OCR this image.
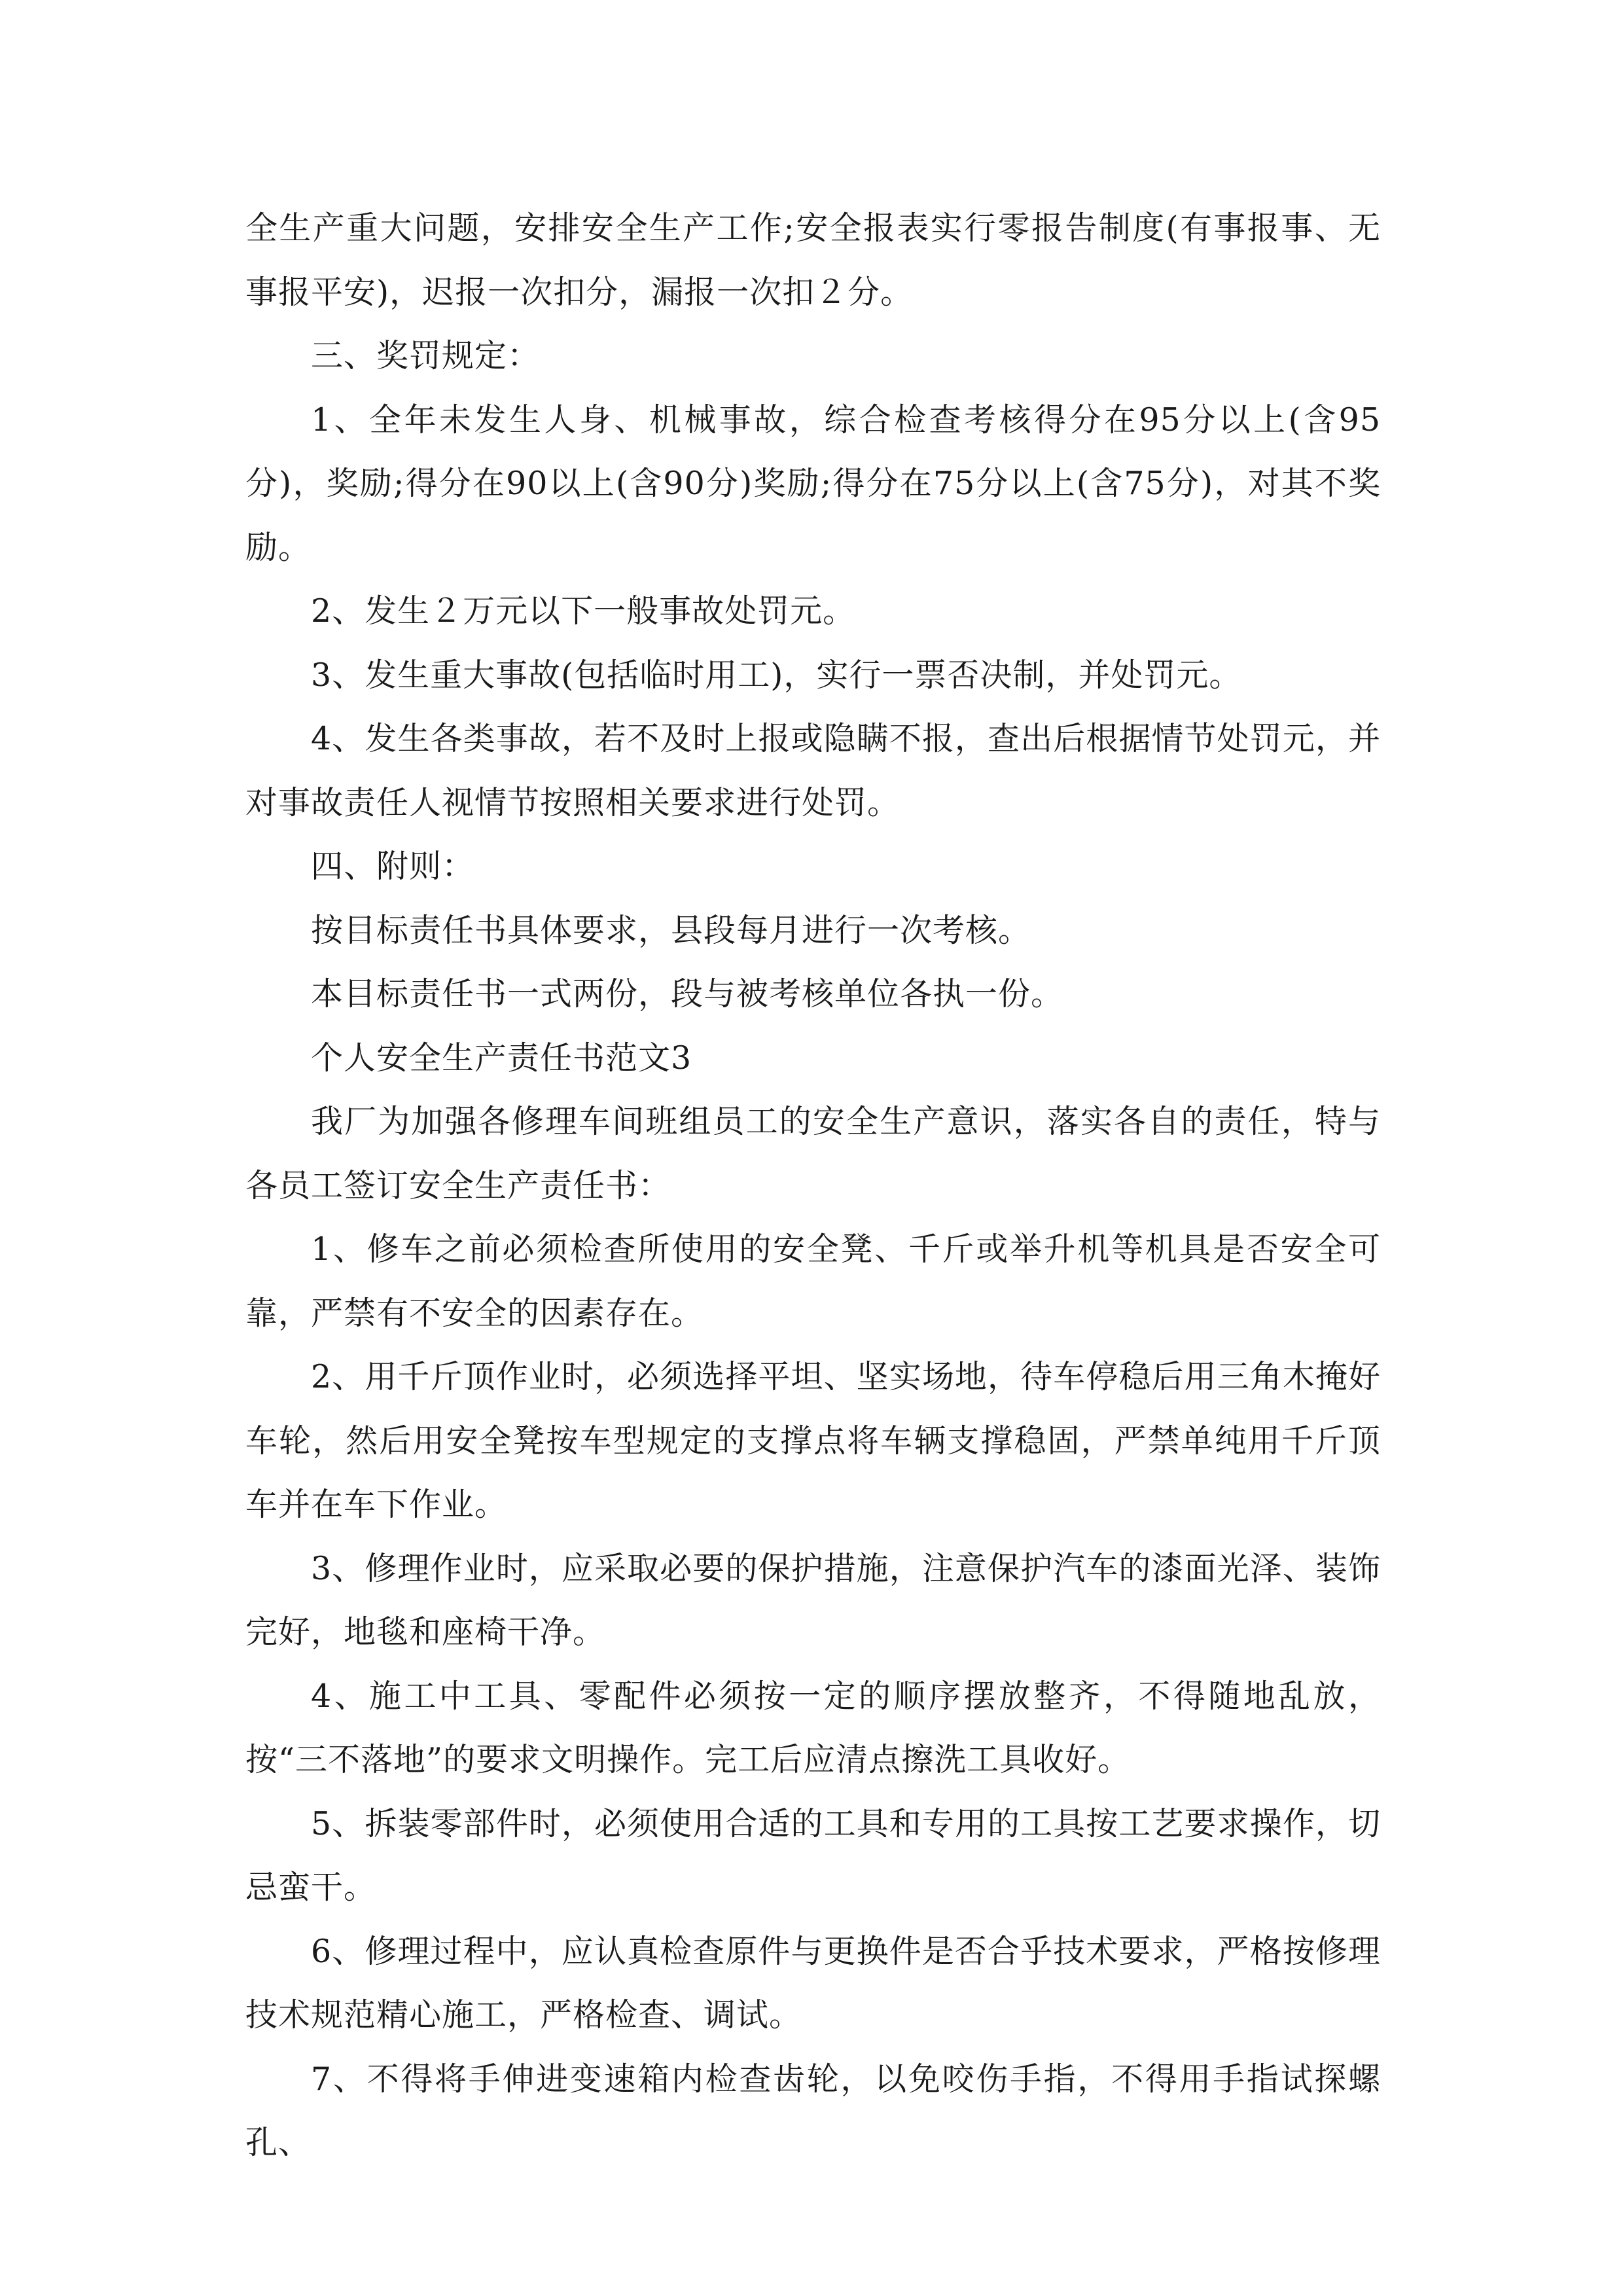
全生产重大问题，安排安全生产工作;安全报表实行零报告制度(有事报事、无事报平安)，迟报一次扣分，漏报一次扣２分。

三、奖罚规定：

1、全年未发生人身、机械事故，综合检查考核得分在95分以上(含95分)，奖励;得分在90以上(含90分)奖励;得分在75分以上(含75分)，对其不奖励。

2、发生２万元以下一般事故处罚元。

3、发生重大事故(包括临时用工)，实行一票否决制，并处罚元。

4、发生各类事故，若不及时上报或隐瞒不报，查出后根据情节处罚元，并对事故责任人视情节按照相关要求进行处罚。

四、附则：

按目标责任书具体要求，县段每月进行一次考核。

本目标责任书一式两份，段与被考核单位各执一份。

个人安全生产责任书范文3

我厂为加强各修理车间班组员工的安全生产意识，落实各自的责任，特与各员工签订安全生产责任书：

1、修车之前必须检查所使用的安全凳、千斤或举升机等机具是否安全可靠，严禁有不安全的因素存在。

2、用千斤顶作业时，必须选择平坦、坚实场地，待车停稳后用三角木掩好车轮，然后用安全凳按车型规定的支撑点将车辆支撑稳固，严禁单纯用千斤顶车并在车下作业。

3、修理作业时，应采取必要的保护措施，注意保护汽车的漆面光泽、装饰完好，地毯和座椅干净。

4、施工中工具、零配件必须按一定的顺序摆放整齐，不得随地乱放，按“三不落地”的要求文明操作。完工后应清点擦洗工具收好。

5、拆装零部件时，必须使用合适的工具和专用的工具按工艺要求操作，切忌蛮干。

6、修理过程中，应认真检查原件与更换件是否合乎技术要求，严格按修理技术规范精心施工，严格检查、调试。

7、不得将手伸进变速箱内检查齿轮，以免咬伤手指，不得用手指试探螺孔、
